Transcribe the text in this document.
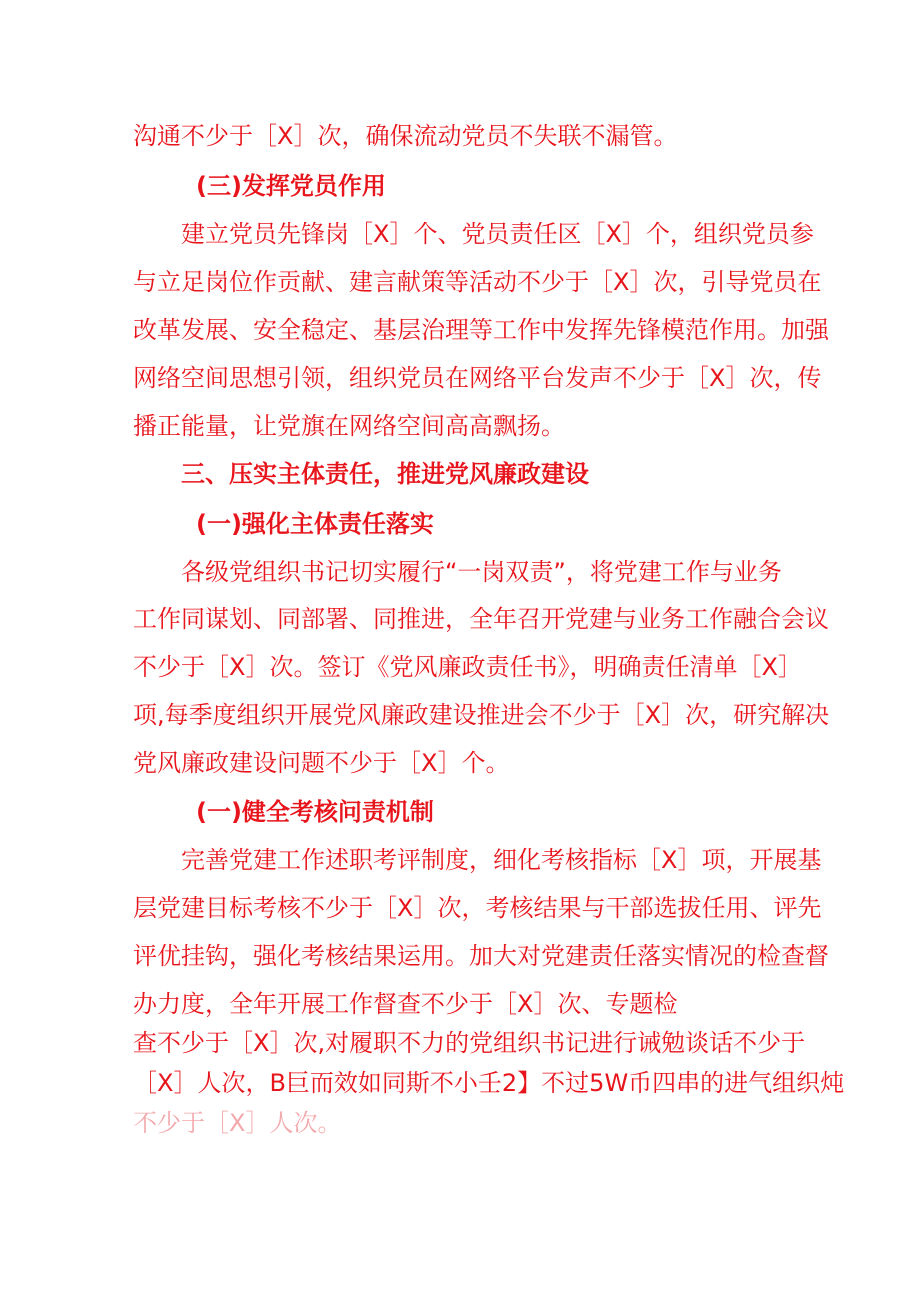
沟通不少于［X］次，确保流动党员不失联不漏管。
(三)发挥党员作用
建立党员先锋岗［X］个、党员责任区［X］个，组织党员参
与立足岗位作贡献、建言献策等活动不少于［X］次，引导党员在
改革发展、安全稳定、基层治理等工作中发挥先锋模范作用。加强
网络空间思想引领，组织党员在网络平台发声不少于［X］次，传
播正能量，让党旗在网络空间高高飘扬。
三、压实主体责任，推进党风廉政建设
(一)强化主体责任落实
各级党组织书记切实履行“一岗双责”，将党建工作与业务
工作同谋划、同部署、同推进，全年召开党建与业务工作融合会议
不少于［X］次。签订《党风廉政责任书》，明确责任清单［X］
项,每季度组织开展党风廉政建设推进会不少于［X］次，研究解决
党风廉政建设问题不少于［X］个。
(一)健全考核问责机制
完善党建工作述职考评制度，细化考核指标［X］项，开展基
层党建目标考核不少于［X］次，考核结果与干部选拔任用、评先
评优挂钩，强化考核结果运用。加大对党建责任落实情况的检查督
办力度，全年开展工作督查不少于［X］次、专题检
查不少于［X］次,对履职不力的党组织书记进行诫勉谈话不少于
［X］人次，B巨而效如同斯不小壬2】不过5W币四串的进气组织炖
不少于［X］人次。
